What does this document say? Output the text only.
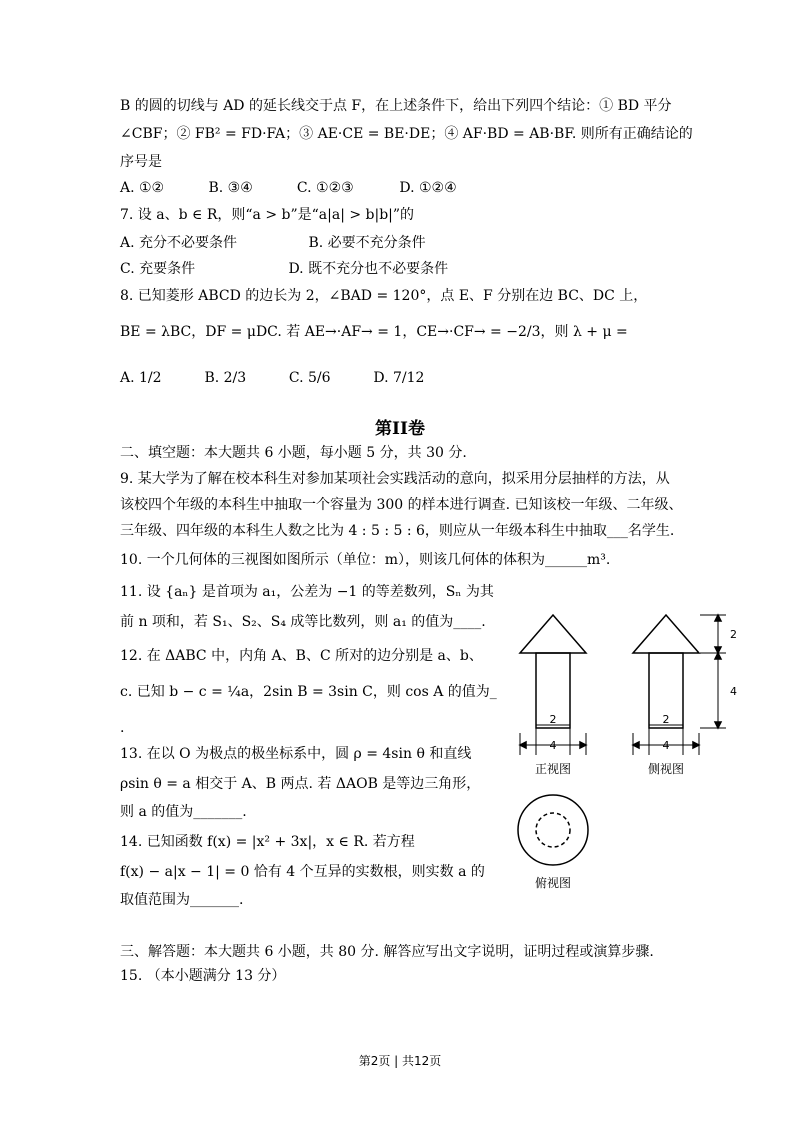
B 的圆的切线与 AD 的延长线交于点 F，在上述条件下，给出下列四个结论：① BD 平分
∠CBF；② FB² = FD·FA；③ AE·CE = BE·DE；④ AF·BD = AB·BF. 则所有正确结论的
序号是
A. ①②	B. ③④	C. ①②③	D. ①②④
7. 设 a、b ∈ R，则“a > b”是“a|a| > b|b|”的
A. 充分不必要条件	B. 必要不充分条件
C. 充要条件	D. 既不充分也不必要条件
8. 已知菱形 ABCD 的边长为 2，∠BAD = 120°，点 E、F 分别在边 BC、DC 上，
BE = λBC，DF = μDC. 若 AE→·AF→ = 1，CE→·CF→ = −2/3，则 λ + μ =
A. 1/2	B. 2/3	C. 5/6	D. 7/12
第II卷
二、填空题：本大题共 6 小题，每小题 5 分，共 30 分.
9. 某大学为了解在校本科生对参加某项社会实践活动的意向，拟采用分层抽样的方法，从
该校四个年级的本科生中抽取一个容量为 300 的样本进行调查. 已知该校一年级、二年级、
三年级、四年级的本科生人数之比为 4 : 5 : 5 : 6，则应从一年级本科生中抽取___名学生.
10. 一个几何体的三视图如图所示（单位：m），则该几何体的体积为______m³.
11. 设 {aₙ} 是首项为 a₁，公差为 −1 的等差数列，Sₙ 为其
前 n 项和，若 S₁、S₂、S₄ 成等比数列，则 a₁ 的值为____.
12. 在 ΔABC 中，内角 A、B、C 所对的边分别是 a、b、
c. 已知 b − c = ¼a，2sin B = 3sin C，则 cos A 的值为_
.
13. 在以 O 为极点的极坐标系中，圆 ρ = 4sin θ 和直线
ρsin θ = a 相交于 A、B 两点. 若 ΔAOB 是等边三角形，
则 a 的值为_______.
14. 已知函数 f(x) = |x² + 3x|，x ∈ R. 若方程
f(x) − a|x − 1| = 0 恰有 4 个互异的实数根，则实数 a 的
取值范围为_______.
三、解答题：本大题共 6 小题，共 80 分. 解答应写出文字说明，证明过程或演算步骤.
15. （本小题满分 13 分）
2
4
正视图
2
4
2
4
侧视图
俯视图
第2页 | 共12页
